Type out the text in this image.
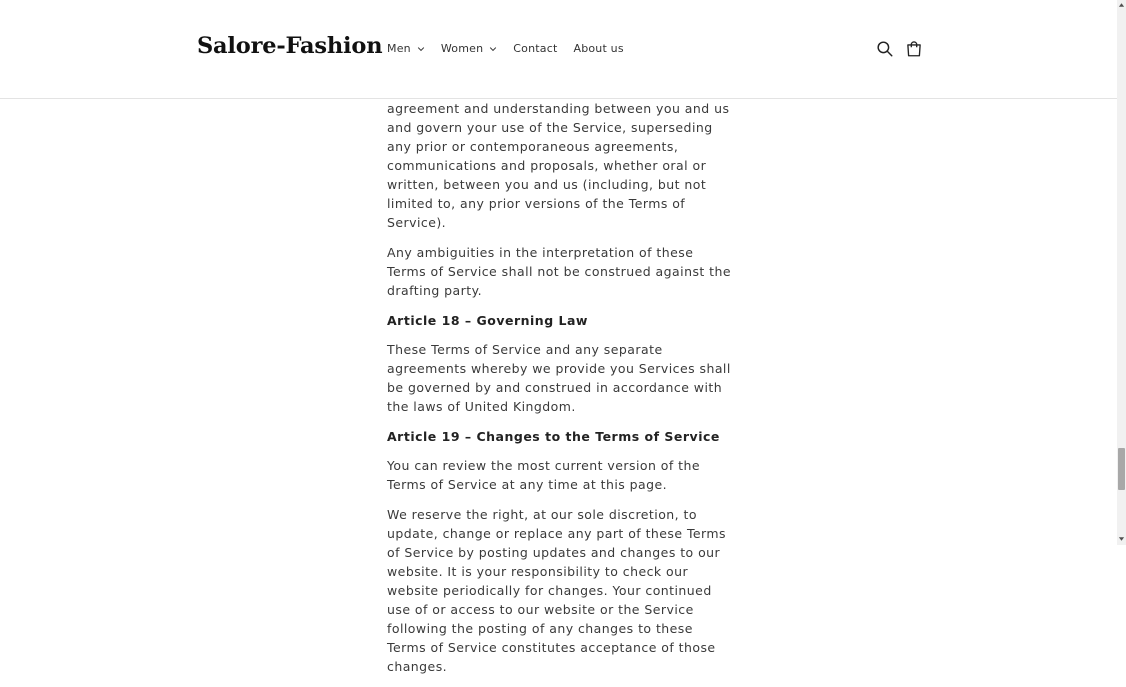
agreement and understanding between you and us and govern your use of the Service, superseding any prior or contemporaneous agreements, communications and proposals, whether oral or written, between you and us (including, but not limited to, any prior versions of the Terms of Service).

Any ambiguities in the interpretation of these Terms of Service shall not be construed against the drafting party.

Article 18 – Governing Law

These Terms of Service and any separate agreements whereby we provide you Services shall be governed by and construed in accordance with the laws of United Kingdom.

Article 19 – Changes to the Terms of Service

You can review the most current version of the Terms of Service at any time at this page.

We reserve the right, at our sole discretion, to update, change or replace any part of these Terms of Service by posting updates and changes to our website. It is your responsibility to check our website periodically for changes. Your continued use of or access to our website or the Service following the posting of any changes to these Terms of Service constitutes acceptance of those changes.

Salore-Fashion Men	Women	Contact About us
